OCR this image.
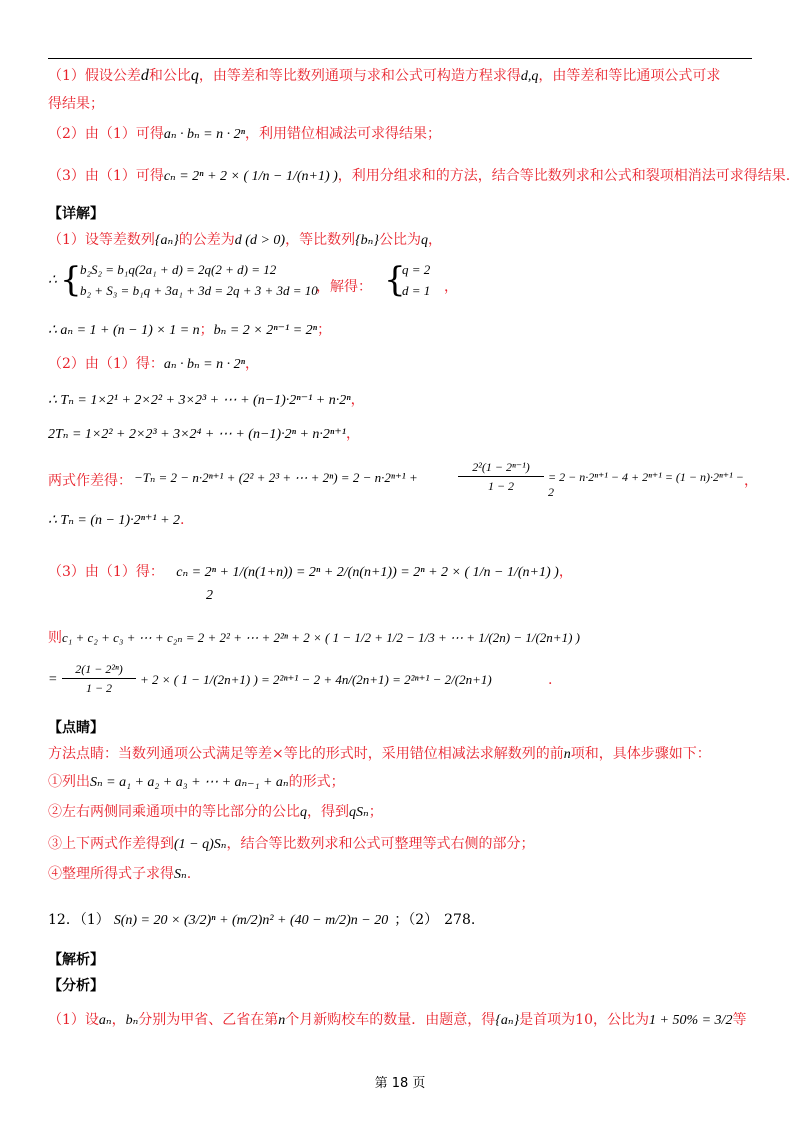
（1）假设公差d和公比q，由等差和等比数列通项与求和公式可构造方程求得d,q，由等差和等比通项公式可求
得结果；
（2）由（1）可得aₙ · bₙ = n · 2ⁿ，利用错位相减法可求得结果；
（3）由（1）可得cₙ = 2ⁿ + 2 × ( 1/n − 1/(n+1) )，利用分组求和的方法，结合等比数列求和公式和裂项相消法可求得结果.
【详解】
（1）设等差数列{aₙ}的公差为d (d > 0)，等比数列{bₙ}公比为q，
∴ {
b₂S₂ = b₁q(2a₁ + d) = 2q(2 + d) = 12
b₂ + S₃ = b₁q + 3a₁ + 3d = 2q + 3 + 3d = 10
，解得： {
q = 2
d = 1 ，
∴ aₙ = 1 + (n − 1) × 1 = n；bₙ = 2 × 2ⁿ⁻¹ = 2ⁿ；
（2）由（1）得：aₙ · bₙ = n · 2ⁿ，
∴ Tₙ = 1×2¹ + 2×2² + 3×2³ + ⋯ + (n−1)·2ⁿ⁻¹ + n·2ⁿ，
2Tₙ = 1×2² + 2×2³ + 3×2⁴ + ⋯ + (n−1)·2ⁿ + n·2ⁿ⁺¹，
两式作差得： −Tₙ = 2 − n·2ⁿ⁺¹ + (2² + 2³ + ⋯ + 2ⁿ) = 2 − n·2ⁿ⁺¹ +	$\frac{\text{2²(1 − 2ⁿ⁻¹)}}{1 - 2} = 2 - n\cdot 2^{n+1} - 4 + 2^{n+1} = (1 - n)\cdot 2^{n+1} - 2$
，
∴ Tₙ = (n − 1)·2ⁿ⁺¹ + 2.
（3）由（1）得： cₙ = 2ⁿ + 1/(n(1+n)) = 2ⁿ + 2/(n(n+1)) = 2ⁿ + 2 × ( 1/n − 1/(n+1) )，
2
则c₁ + c₂ + c₃ + ⋯ + c₂ₙ = 2 + 2² + ⋯ + 2²ⁿ + 2 × ( 1 − 1/2 + 1/2 − 1/3 + ⋯ + 1/(2n) − 1/(2n+1) )
= $\frac{\text{2(1 − 2²ⁿ)}}{1 - 2} + 2$ × ( 1 − 1/(2n+1) ) = 2²ⁿ⁺¹ − 2 + 4n/(2n+1) = 2²ⁿ⁺¹ − 2/(2n+1)	.
【点睛】
方法点睛：当数列通项公式满足等差×等比的形式时，采用错位相减法求解数列的前n项和，具体步骤如下：
①列出Sₙ = a₁ + a₂ + a₃ + ⋯ + aₙ₋₁ + aₙ的形式；
②左右两侧同乘通项中的等比部分的公比q，得到qSₙ；
③上下两式作差得到(1 − q)Sₙ，结合等比数列求和公式可整理等式右侧的部分；
④整理所得式子求得Sₙ.
12．（1） S(n) = 20 × (3/2)ⁿ + (m/2)n² + (40 − m/2)n − 20 ；（2） 278.
【解析】
【分析】
（1）设aₙ，bₙ分别为甲省、乙省在第n个月新购校车的数量．由题意，得{aₙ}是首项为10，公比为1 + 50% = 3/2等
第 18 页
